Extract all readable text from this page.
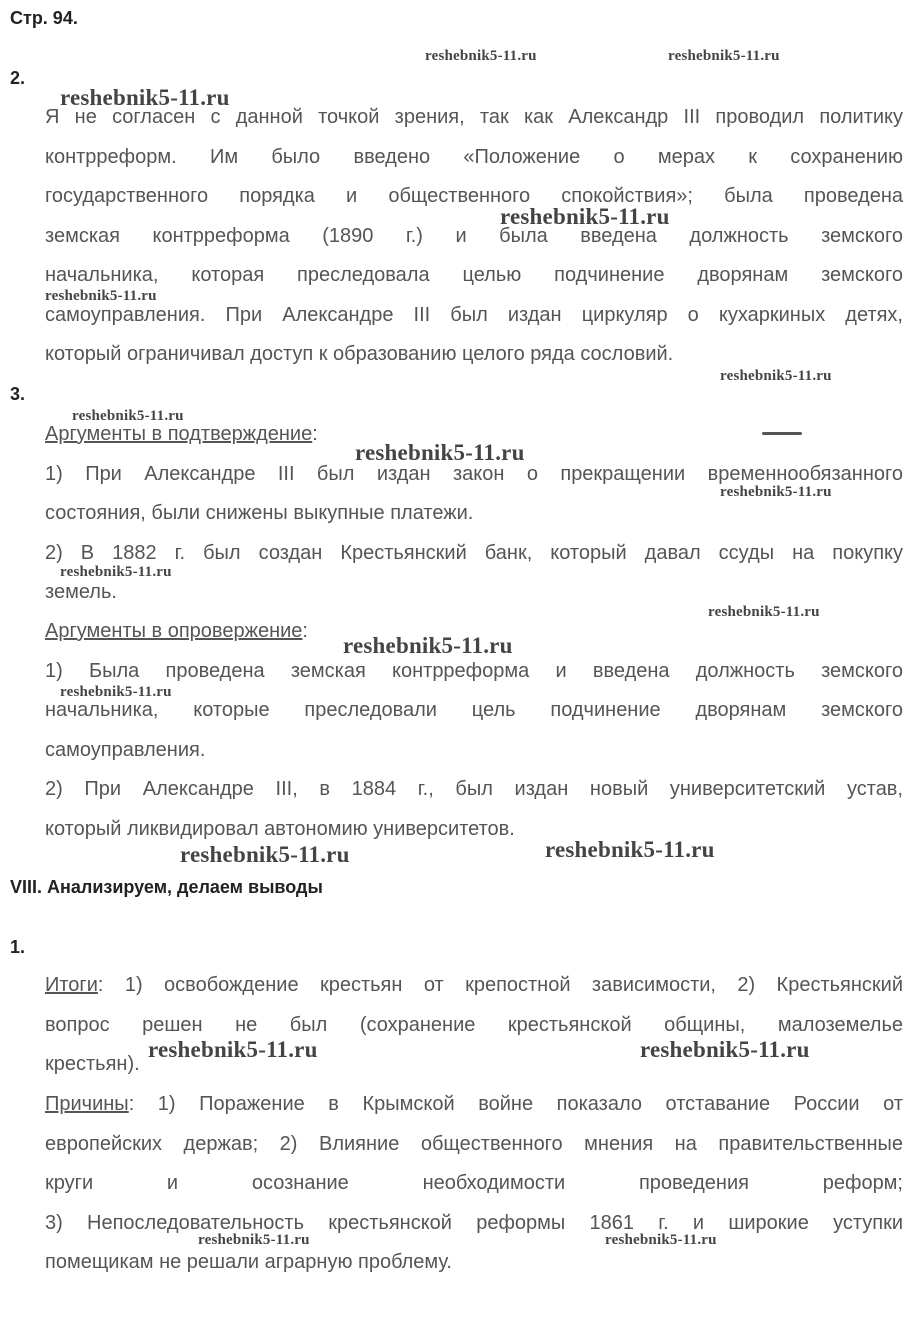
Стр. 94.
2.
Я не согласен с данной точкой зрения, так как Александр III проводил политику
контрреформ. Им было введено «Положение о мерах к сохранению
государственного порядка и общественного спокойствия»; была проведена
земская контрреформа (1890 г.) и была введена должность земского
начальника, которая преследовала целью подчинение дворянам земского
самоуправления. При Александре III был издан циркуляр о кухаркиных детях,
который ограничивал доступ к образованию целого ряда сословий.
3.
Аргументы в подтверждение:
1) При Александре III был издан закон о прекращении временнообязанного
состояния, были снижены выкупные платежи.
2) В 1882 г. был создан Крестьянский банк, который давал ссуды на покупку
земель.
Аргументы в опровержение:
1) Была проведена земская контрреформа и введена должность земского
начальника, которые преследовали цель подчинение дворянам земского
самоуправления.
2) При Александре III, в 1884 г., был издан новый университетский устав,
который ликвидировал автономию университетов.
VIII. Анализируем, делаем выводы
1.
Итоги: 1) освобождение крестьян от крепостной зависимости, 2) Крестьянский
вопрос решен не был (сохранение крестьянской общины, малоземелье
крестьян).
Причины: 1) Поражение в Крымской войне показало отставание России от
европейских держав; 2) Влияние общественного мнения на правительственные
круги и осознание необходимости проведения реформ;
3) Непоследовательность крестьянской реформы 1861 г. и широкие уступки
помещикам не решали аграрную проблему.
reshebnik5-11.ru	reshebnik5-11.ru
reshebnik5-11.ru
reshebnik5-11.ru
reshebnik5-11.ru
reshebnik5-11.ru
reshebnik5-11.ru
reshebnik5-11.ru
reshebnik5-11.ru
reshebnik5-11.ru
reshebnik5-11.ru
reshebnik5-11.ru
reshebnik5-11.ru
reshebnik5-11.ru	reshebnik5-11.ru
reshebnik5-11.ru	reshebnik5-11.ru
reshebnik5-11.ru	reshebnik5-11.ru
